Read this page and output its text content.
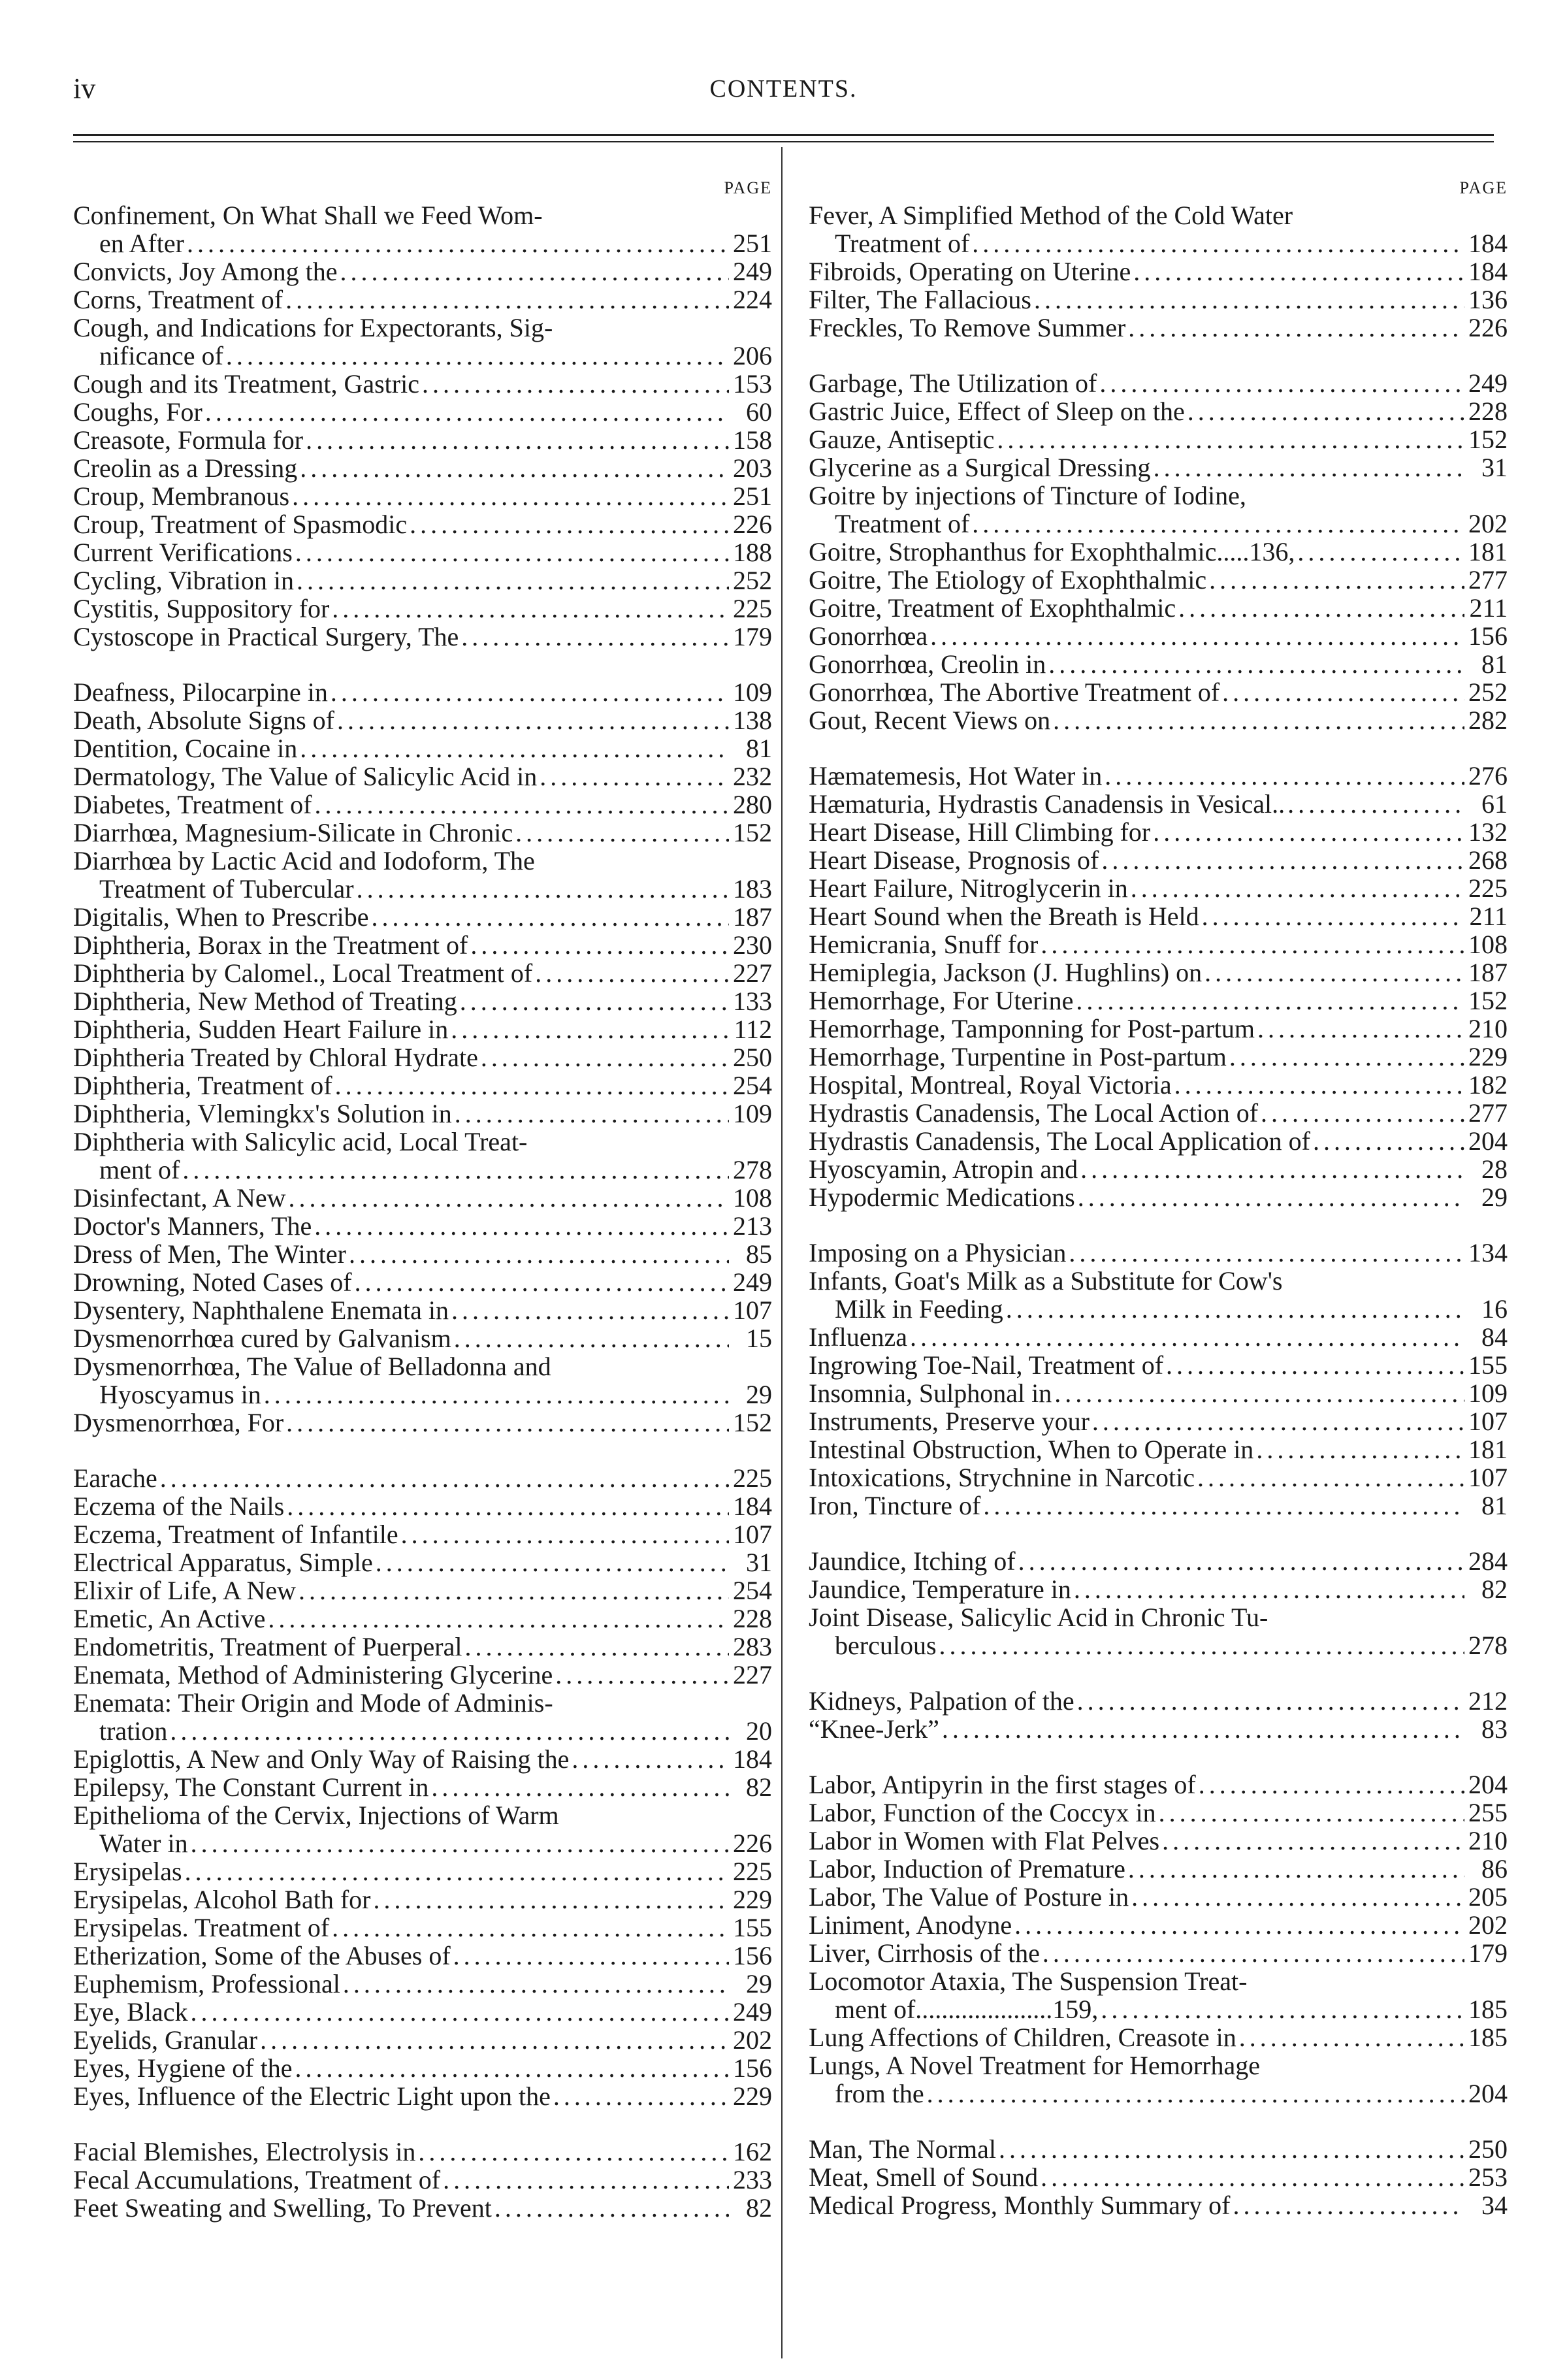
iv	CONTENTS.
PAGE
Confinement, On What Shall we Feed Wom-
en After . . .	251
Convicts, Joy Among the . . .	249
Corns, Treatment of . . .	224
Cough, and Indications for Expectorants, Sig-
nificance of . . .	206
Cough and its Treatment, Gastric . . .	153
Coughs, For . . .	60
Creasote, Formula for . . .	158
Creolin as a Dressing . . .	203
Croup, Membranous . . .	251
Croup, Treatment of Spasmodic . . .	226
Current Verifications . . .	188
Cycling, Vibration in . . .	252
Cystitis, Suppository for . . .	225
Cystoscope in Practical Surgery, The . . .	179
Deafness, Pilocarpine in . . .	109
Death, Absolute Signs of . . .	138
Dentition, Cocaine in . . .	81
Dermatology, The Value of Salicylic Acid in . . .	232
Diabetes, Treatment of . . .	280
Diarrhœa, Magnesium-Silicate in Chronic . . .	152
Diarrhœa by Lactic Acid and Iodoform, The
Treatment of Tubercular . . .	183
Digitalis, When to Prescribe . . .	187
Diphtheria, Borax in the Treatment of . . .	230
Diphtheria by Calomel., Local Treatment of . . .	227
Diphtheria, New Method of Treating . . .	133
Diphtheria, Sudden Heart Failure in . . .	112
Diphtheria Treated by Chloral Hydrate . . .	250
Diphtheria, Treatment of . . .	254
Diphtheria, Vlemingkx's Solution in . . .	109
Diphtheria with Salicylic acid, Local Treat-
ment of . . .	278
Disinfectant, A New . . .	108
Doctor's Manners, The . . .	213
Dress of Men, The Winter . . .	85
Drowning, Noted Cases of . . .	249
Dysentery, Naphthalene Enemata in . . .	107
Dysmenorrhœa cured by Galvanism . . .	15
Dysmenorrhœa, The Value of Belladonna and
Hyoscyamus in . . .	29
Dysmenorrhœa, For . . .	152
Earache . . .	225
Eczema of the Nails . . .	184
Eczema, Treatment of Infantile . . .	107
Electrical Apparatus, Simple . . .	31
Elixir of Life, A New . . .	254
Emetic, An Active . . .	228
Endometritis, Treatment of Puerperal . . .	283
Enemata, Method of Administering Glycerine . . .	227
Enemata: Their Origin and Mode of Adminis-
tration . . .	20
Epiglottis, A New and Only Way of Raising the . . .	184
Epilepsy, The Constant Current in . . .	82
Epithelioma of the Cervix, Injections of Warm
Water in . . .	226
Erysipelas . . .	225
Erysipelas, Alcohol Bath for . . .	229
Erysipelas. Treatment of . . .	155
Etherization, Some of the Abuses of . . .	156
Euphemism, Professional . . .	29
Eye, Black . . .	249
Eyelids, Granular . . .	202
Eyes, Hygiene of the . . .	156
Eyes, Influence of the Electric Light upon the . . .	229
Facial Blemishes, Electrolysis in . . .	162
Fecal Accumulations, Treatment of . . .	233
Feet Sweating and Swelling, To Prevent . . .	82
PAGE
Fever, A Simplified Method of the Cold Water
Treatment of . . .	184
Fibroids, Operating on Uterine . . .	184
Filter, The Fallacious . . .	136
Freckles, To Remove Summer . . .	226
Garbage, The Utilization of . . .	249
Gastric Juice, Effect of Sleep on the . . .	228
Gauze, Antiseptic . . .	152
Glycerine as a Surgical Dressing . . .	31
Goitre by injections of Tincture of Iodine,
Treatment of . . .	202
Goitre, Strophanthus for Exophthalmic.....136, . . .	181
Goitre, The Etiology of Exophthalmic . . .	277
Goitre, Treatment of Exophthalmic . . .	211
Gonorrhœa . . .	156
Gonorrhœa, Creolin in . . .	81
Gonorrhœa, The Abortive Treatment of . . .	252
Gout, Recent Views on . . .	282
Hæmatemesis, Hot Water in . . .	276
Hæmaturia, Hydrastis Canadensis in Vesical.. . . .	61
Heart Disease, Hill Climbing for . . .	132
Heart Disease, Prognosis of . . .	268
Heart Failure, Nitroglycerin in . . .	225
Heart Sound when the Breath is Held . . .	211
Hemicrania, Snuff for . . .	108
Hemiplegia, Jackson (J. Hughlins) on . . .	187
Hemorrhage, For Uterine . . .	152
Hemorrhage, Tamponning for Post-partum . . .	210
Hemorrhage, Turpentine in Post-partum . . .	229
Hospital, Montreal, Royal Victoria . . .	182
Hydrastis Canadensis, The Local Action of . . .	277
Hydrastis Canadensis, The Local Application of . . .	204
Hyoscyamin, Atropin and . . .	28
Hypodermic Medications . . .	29
Imposing on a Physician . . .	134
Infants, Goat's Milk as a Substitute for Cow's
Milk in Feeding . . .	16
Influenza . . .	84
Ingrowing Toe-Nail, Treatment of . . .	155
Insomnia, Sulphonal in . . .	109
Instruments, Preserve your . . .	107
Intestinal Obstruction, When to Operate in . . .	181
Intoxications, Strychnine in Narcotic . . .	107
Iron, Tincture of . . .	81
Jaundice, Itching of . . .	284
Jaundice, Temperature in . . .	82
Joint Disease, Salicylic Acid in Chronic Tu-
berculous . . .	278
Kidneys, Palpation of the . . .	212
“Knee-Jerk” . . .	83
Labor, Antipyrin in the first stages of . . .	204
Labor, Function of the Coccyx in . . .	255
Labor in Women with Flat Pelves . . .	210
Labor, Induction of Premature . . .	86
Labor, The Value of Posture in . . .	205
Liniment, Anodyne . . .	202
Liver, Cirrhosis of the . . .	179
Locomotor Ataxia, The Suspension Treat-
ment of.....................159, . . .	185
Lung Affections of Children, Creasote in . . .	185
Lungs, A Novel Treatment for Hemorrhage
from the . . .	204
Man, The Normal . . .	250
Meat, Smell of Sound . . .	253
Medical Progress, Monthly Summary of . . .	34
